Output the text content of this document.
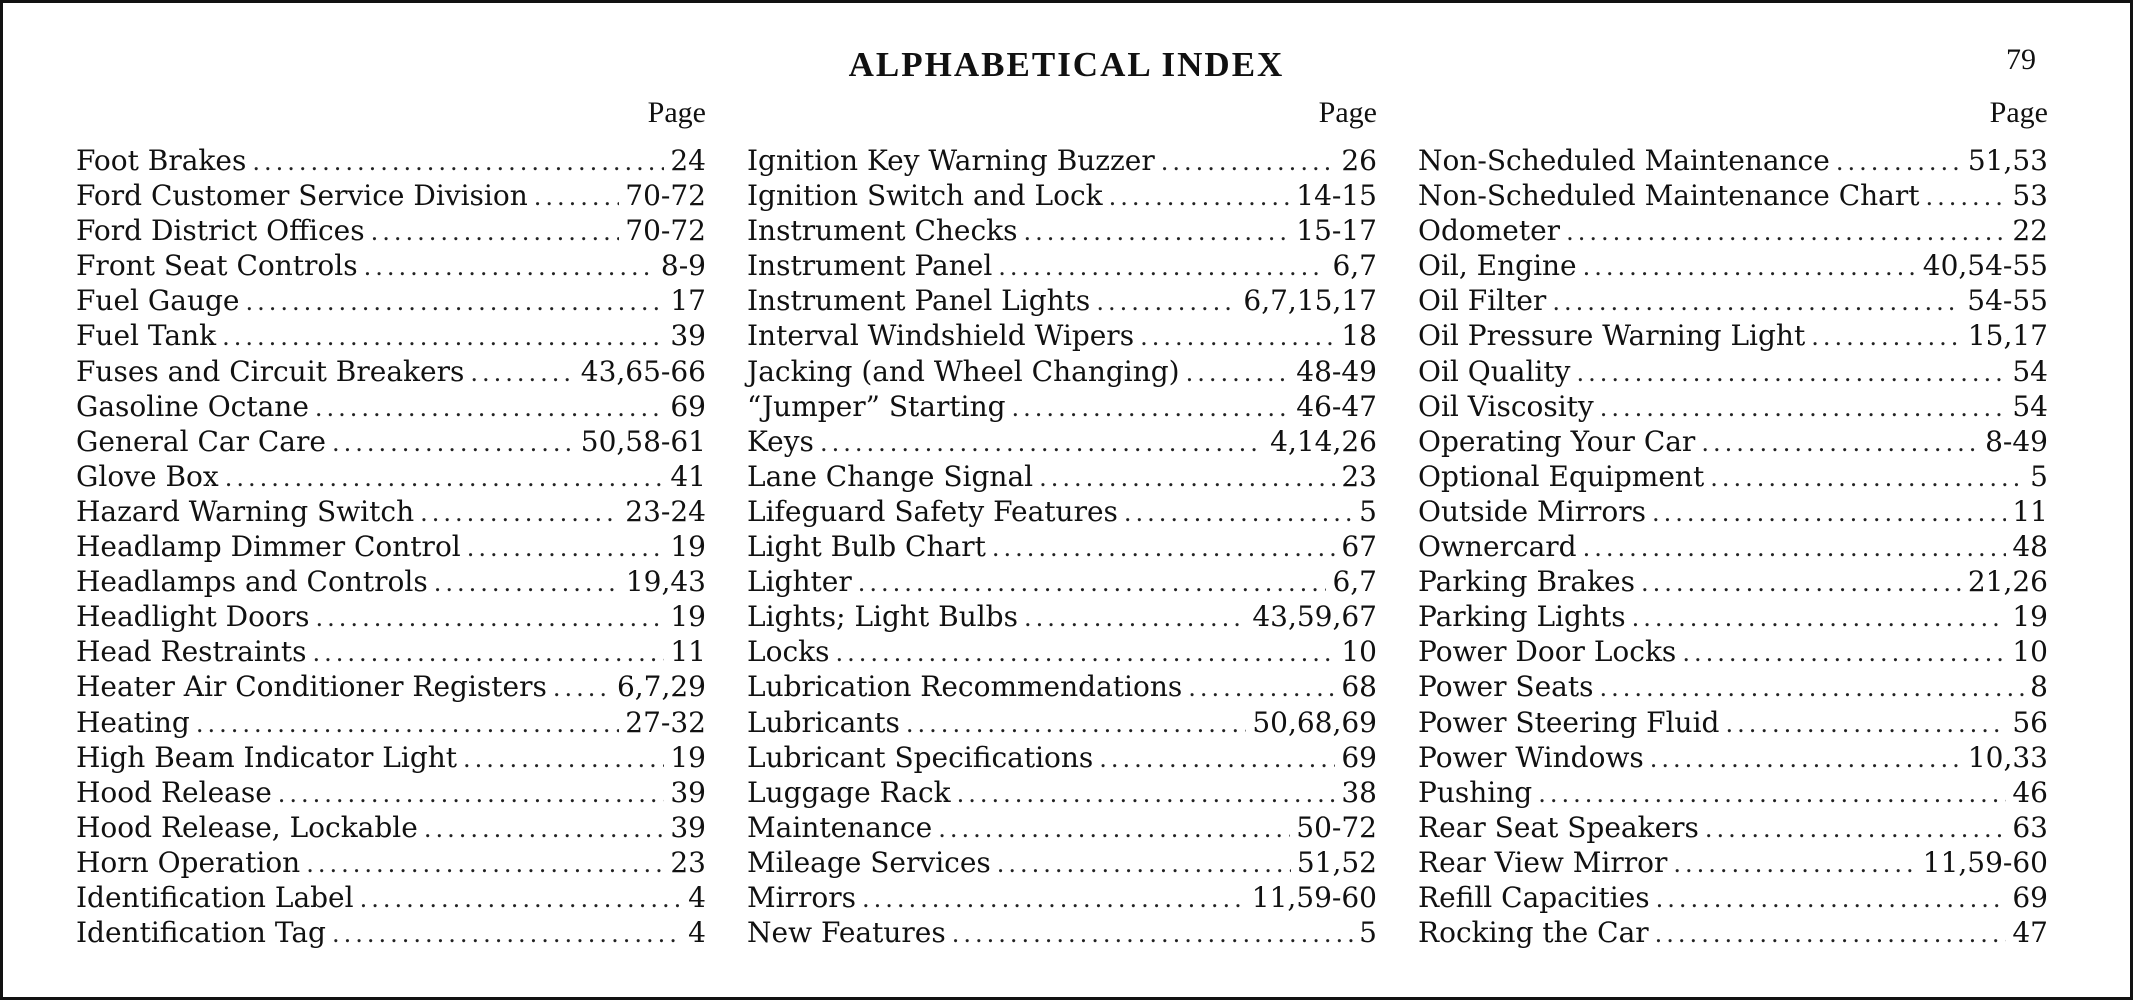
ALPHABETICAL INDEX	79
Page
Foot Brakes .....	24
Ford Customer Service Division .....	70-72
Ford District Offices .....	70-72
Front Seat Controls .....	8-9
Fuel Gauge .....	17
Fuel Tank .....	39
Fuses and Circuit Breakers .....	43,65-66
Gasoline Octane .....	69
General Car Care .....	50,58-61
Glove Box .....	41
Hazard Warning Switch .....	23-24
Headlamp Dimmer Control .....	19
Headlamps and Controls .....	19,43
Headlight Doors .....	19
Head Restraints .....	11
Heater Air Conditioner Registers .....	6,7,29
Heating .....	27-32
High Beam Indicator Light .....	19
Hood Release .....	39
Hood Release, Lockable .....	39
Horn Operation .....	23
Identification Label .....	4
Identification Tag .....	4
Page
Ignition Key Warning Buzzer .....	26
Ignition Switch and Lock .....	14-15
Instrument Checks .....	15-17
Instrument Panel .....	6,7
Instrument Panel Lights .....	6,7,15,17
Interval Windshield Wipers .....	18
Jacking (and Wheel Changing) .....	48-49
“Jumper” Starting .....	46-47
Keys .....	4,14,26
Lane Change Signal .....	23
Lifeguard Safety Features .....	5
Light Bulb Chart .....	67
Lighter .....	6,7
Lights; Light Bulbs .....	43,59,67
Locks .....	10
Lubrication Recommendations .....	68
Lubricants .....	50,68,69
Lubricant Specifications .....	69
Luggage Rack .....	38
Maintenance .....	50-72
Mileage Services .....	51,52
Mirrors .....	11,59-60
New Features .....	5
Page
Non-Scheduled Maintenance .....	51,53
Non-Scheduled Maintenance Chart .....	53
Odometer .....	22
Oil, Engine .....	40,54-55
Oil Filter .....	54-55
Oil Pressure Warning Light .....	15,17
Oil Quality .....	54
Oil Viscosity .....	54
Operating Your Car .....	8-49
Optional Equipment .....	5
Outside Mirrors .....	11
Ownercard .....	48
Parking Brakes .....	21,26
Parking Lights .....	19
Power Door Locks .....	10
Power Seats .....	8
Power Steering Fluid .....	56
Power Windows .....	10,33
Pushing .....	46
Rear Seat Speakers .....	63
Rear View Mirror .....	11,59-60
Refill Capacities .....	69
Rocking the Car .....	47
